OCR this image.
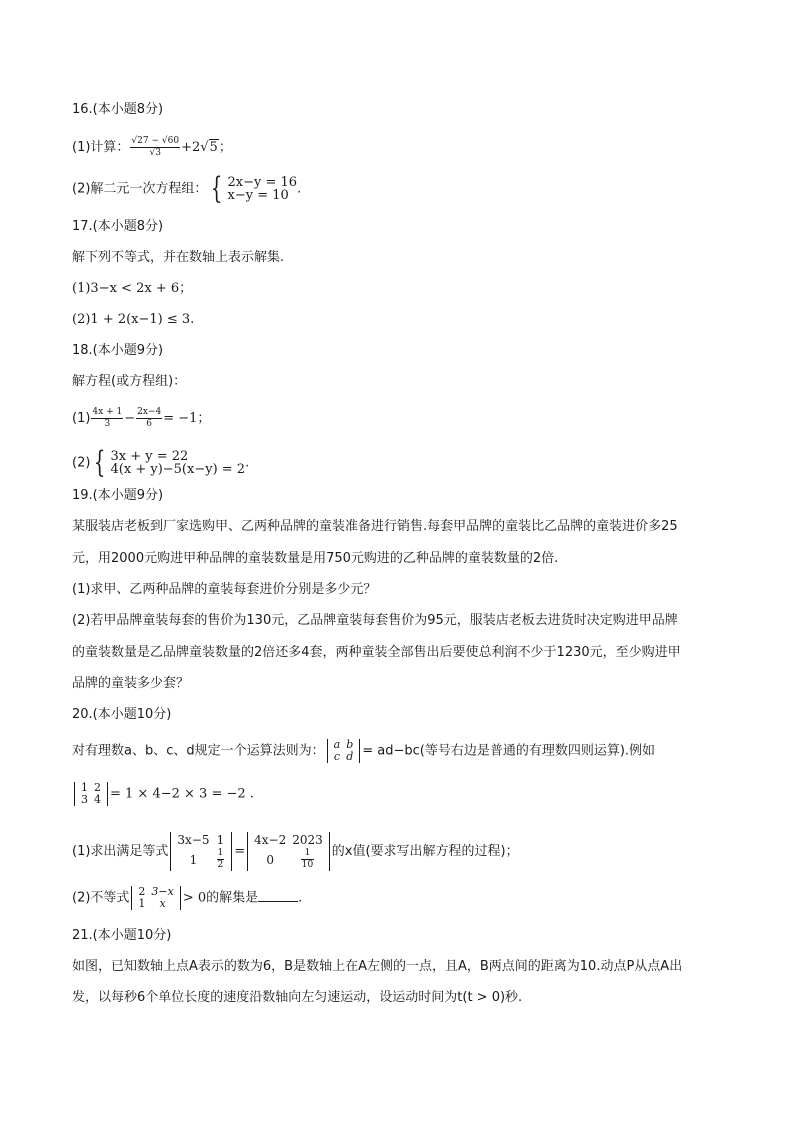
16.(本小题8分)
(1)计算： $\frac{√27 - √60}{√3} +2√5$；
(2)解二元一次方程组： { 2x−y = 16
x−y = 10 .
17.(本小题8分)
解下列不等式，并在数轴上表示解集.
(1)3−x < 2x + 6；
(2)1 + 2(x−1) ≤ 3.
18.(本小题9分)
解方程(或方程组)：
$(1) \frac{4x + 1}{3} - \frac{2x-4}{6} = -1$；
(2) { 3x + y = 22
4(x + y)−5(x−y) = 2 .
19.(本小题9分)
某服装店老板到厂家选购甲、乙两种品牌的童装准备进行销售.每套甲品牌的童装比乙品牌的童装进价多25
元，用2000元购进甲种品牌的童装数量是用750元购进的乙种品牌的童装数量的2倍.
(1)求甲、乙两种品牌的童装每套进价分别是多少元？
(2)若甲品牌童装每套的售价为130元，乙品牌童装每套售价为95元，服装店老板去进货时决定购进甲品牌
的童装数量是乙品牌童装数量的2倍还多4套，两种童装全部售出后要使总利润不少于1230元，至少购进甲
品牌的童装多少套？
20.(本小题10分)
对有理数a、b、c、d规定一个运算法则为： a	b
c	d = ad−bc(等号右边是普通的有理数四则运算).例如
1	2
3	4 = 1 × 4−2 × 3 = −2 .
(1)求出满足等式
3x−5	1
1	$\frac{1}{2}$ =
4x−2	2023
0	$\frac{1}{10}$ 的x值(要求写出解方程的过程)；
(2)不等式 2	3−x
1	x > 0的解集是	.
21.(本小题10分)
如图，已知数轴上点A表示的数为6，B是数轴上在A左侧的一点，且A，B两点间的距离为10.动点P从点A出
发，以每秒6个单位长度的速度沿数轴向左匀速运动，设运动时间为t(t > 0)秒.
